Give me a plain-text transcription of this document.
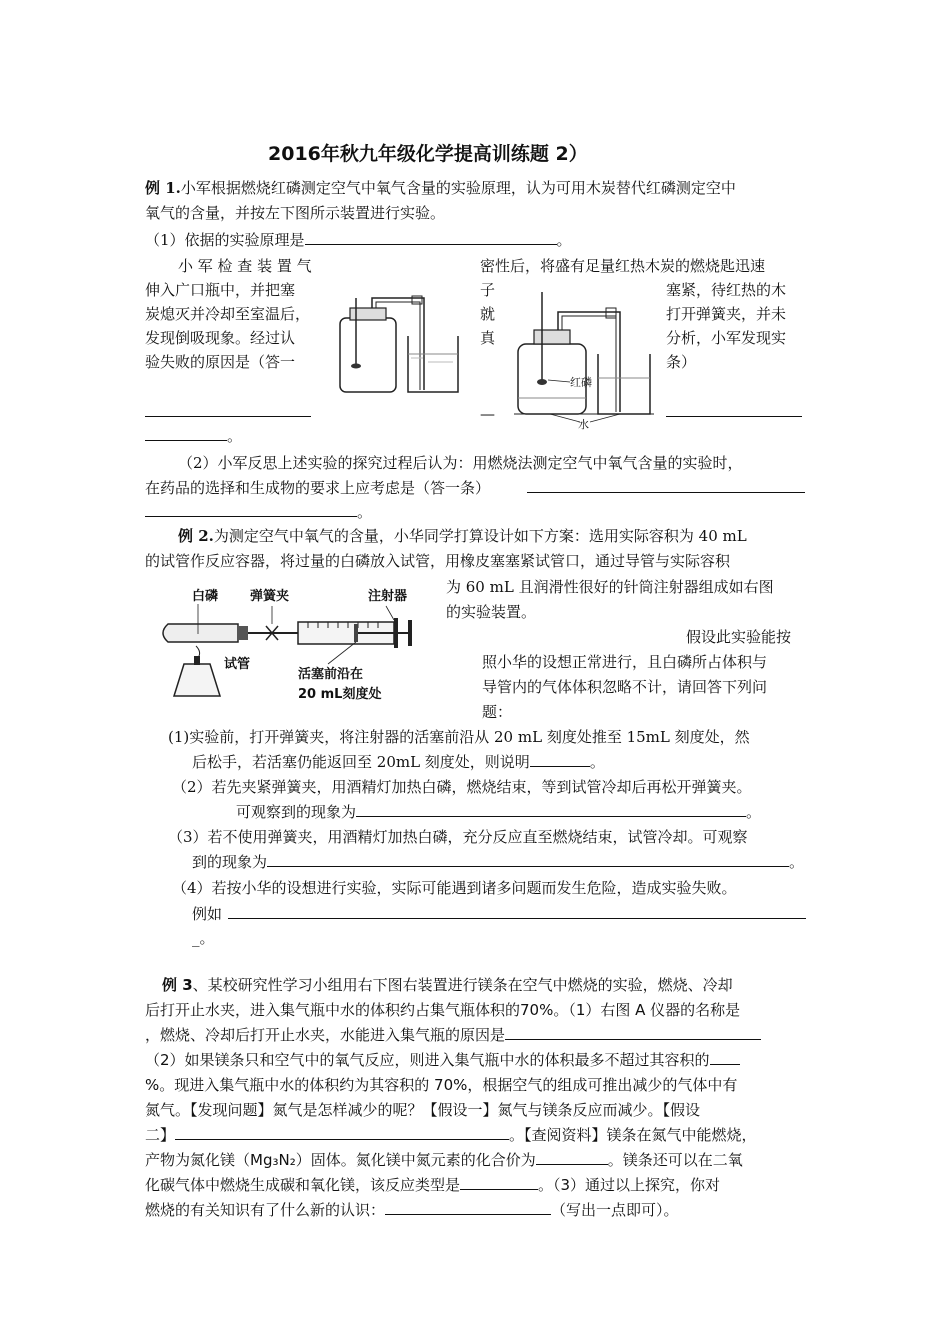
2016年秋九年级化学提高训练题 2）
例 1.小军根据燃烧红磷测定空气中氧气含量的实验原理，认为可用木炭替代红磷测定空中
氧气的含量，并按左下图所示装置进行实验。
（1）依据的实验原理是	。
小 军 检 查 装 置 气
伸入广口瓶中，并把塞
炭熄灭并冷却至室温后，
发现倒吸现象。经过认
验失败的原因是（答一
密性后，将盛有足量红热木炭的燃烧匙迅速
子
就
真
塞紧，待红热的木
打开弹簧夹，并未
分析，小军发现实
条）
—
。
红磷
水
（2）小军反思上述实验的探究过程后认为：用燃烧法测定空气中氧气含量的实验时，
在药品的选择和生成物的要求上应考虑是（答一条）
。
例 2.为测定空气中氧气的含量，小华同学打算设计如下方案：选用实际容积为 40 mL
的试管作反应容器，将过量的白磷放入试管，用橡皮塞塞紧试管口，通过导管与实际容积
为 60 mL 且润滑性很好的针筒注射器组成如右图
的实验装置。
假设此实验能按
照小华的设想正常进行，且白磷所占体积与
导管内的气体体积忽略不计，请回答下列问
题：
白磷 弹簧夹	注射器
试管
活塞前沿在
20 mL刻度处
(1)实验前，打开弹簧夹，将注射器的活塞前沿从 20 mL 刻度处推至 15mL 刻度处，然
后松手，若活塞仍能返回至 20mL 刻度处，则说明	。
（2）若先夹紧弹簧夹，用酒精灯加热白磷，燃烧结束，等到试管冷却后再松开弹簧夹。
可观察到的现象为	。
（3）若不使用弹簧夹，用酒精灯加热白磷，充分反应直至燃烧结束，试管冷却。可观察
到的现象为	。
（4）若按小华的设想进行实验，实际可能遇到诸多问题而发生危险，造成实验失败。
例如
_。
例 3、某校研究性学习小组用右下图右装置进行镁条在空气中燃烧的实验，燃烧、冷却
后打开止水夹，进入集气瓶中水的体积约占集气瓶体积的70%。（1）右图 A 仪器的名称是
，燃烧、冷却后打开止水夹，水能进入集气瓶的原因是
（2）如果镁条只和空气中的氧气反应，则进入集气瓶中水的体积最多不超过其容积的
%。现进入集气瓶中水的体积约为其容积的 70%，根据空气的组成可推出减少的气体中有
氮气。【发现问题】氮气是怎样减少的呢？【假设一】氮气与镁条反应而减少。【假设
二】	。【查阅资料】镁条在氮气中能燃烧，
产物为氮化镁（Mg₃N₂）固体。氮化镁中氮元素的化合价为	。镁条还可以在二氧
化碳气体中燃烧生成碳和氧化镁，该反应类型是	。（3）通过以上探究，你对
燃烧的有关知识有了什么新的认识：	（写出一点即可）。
